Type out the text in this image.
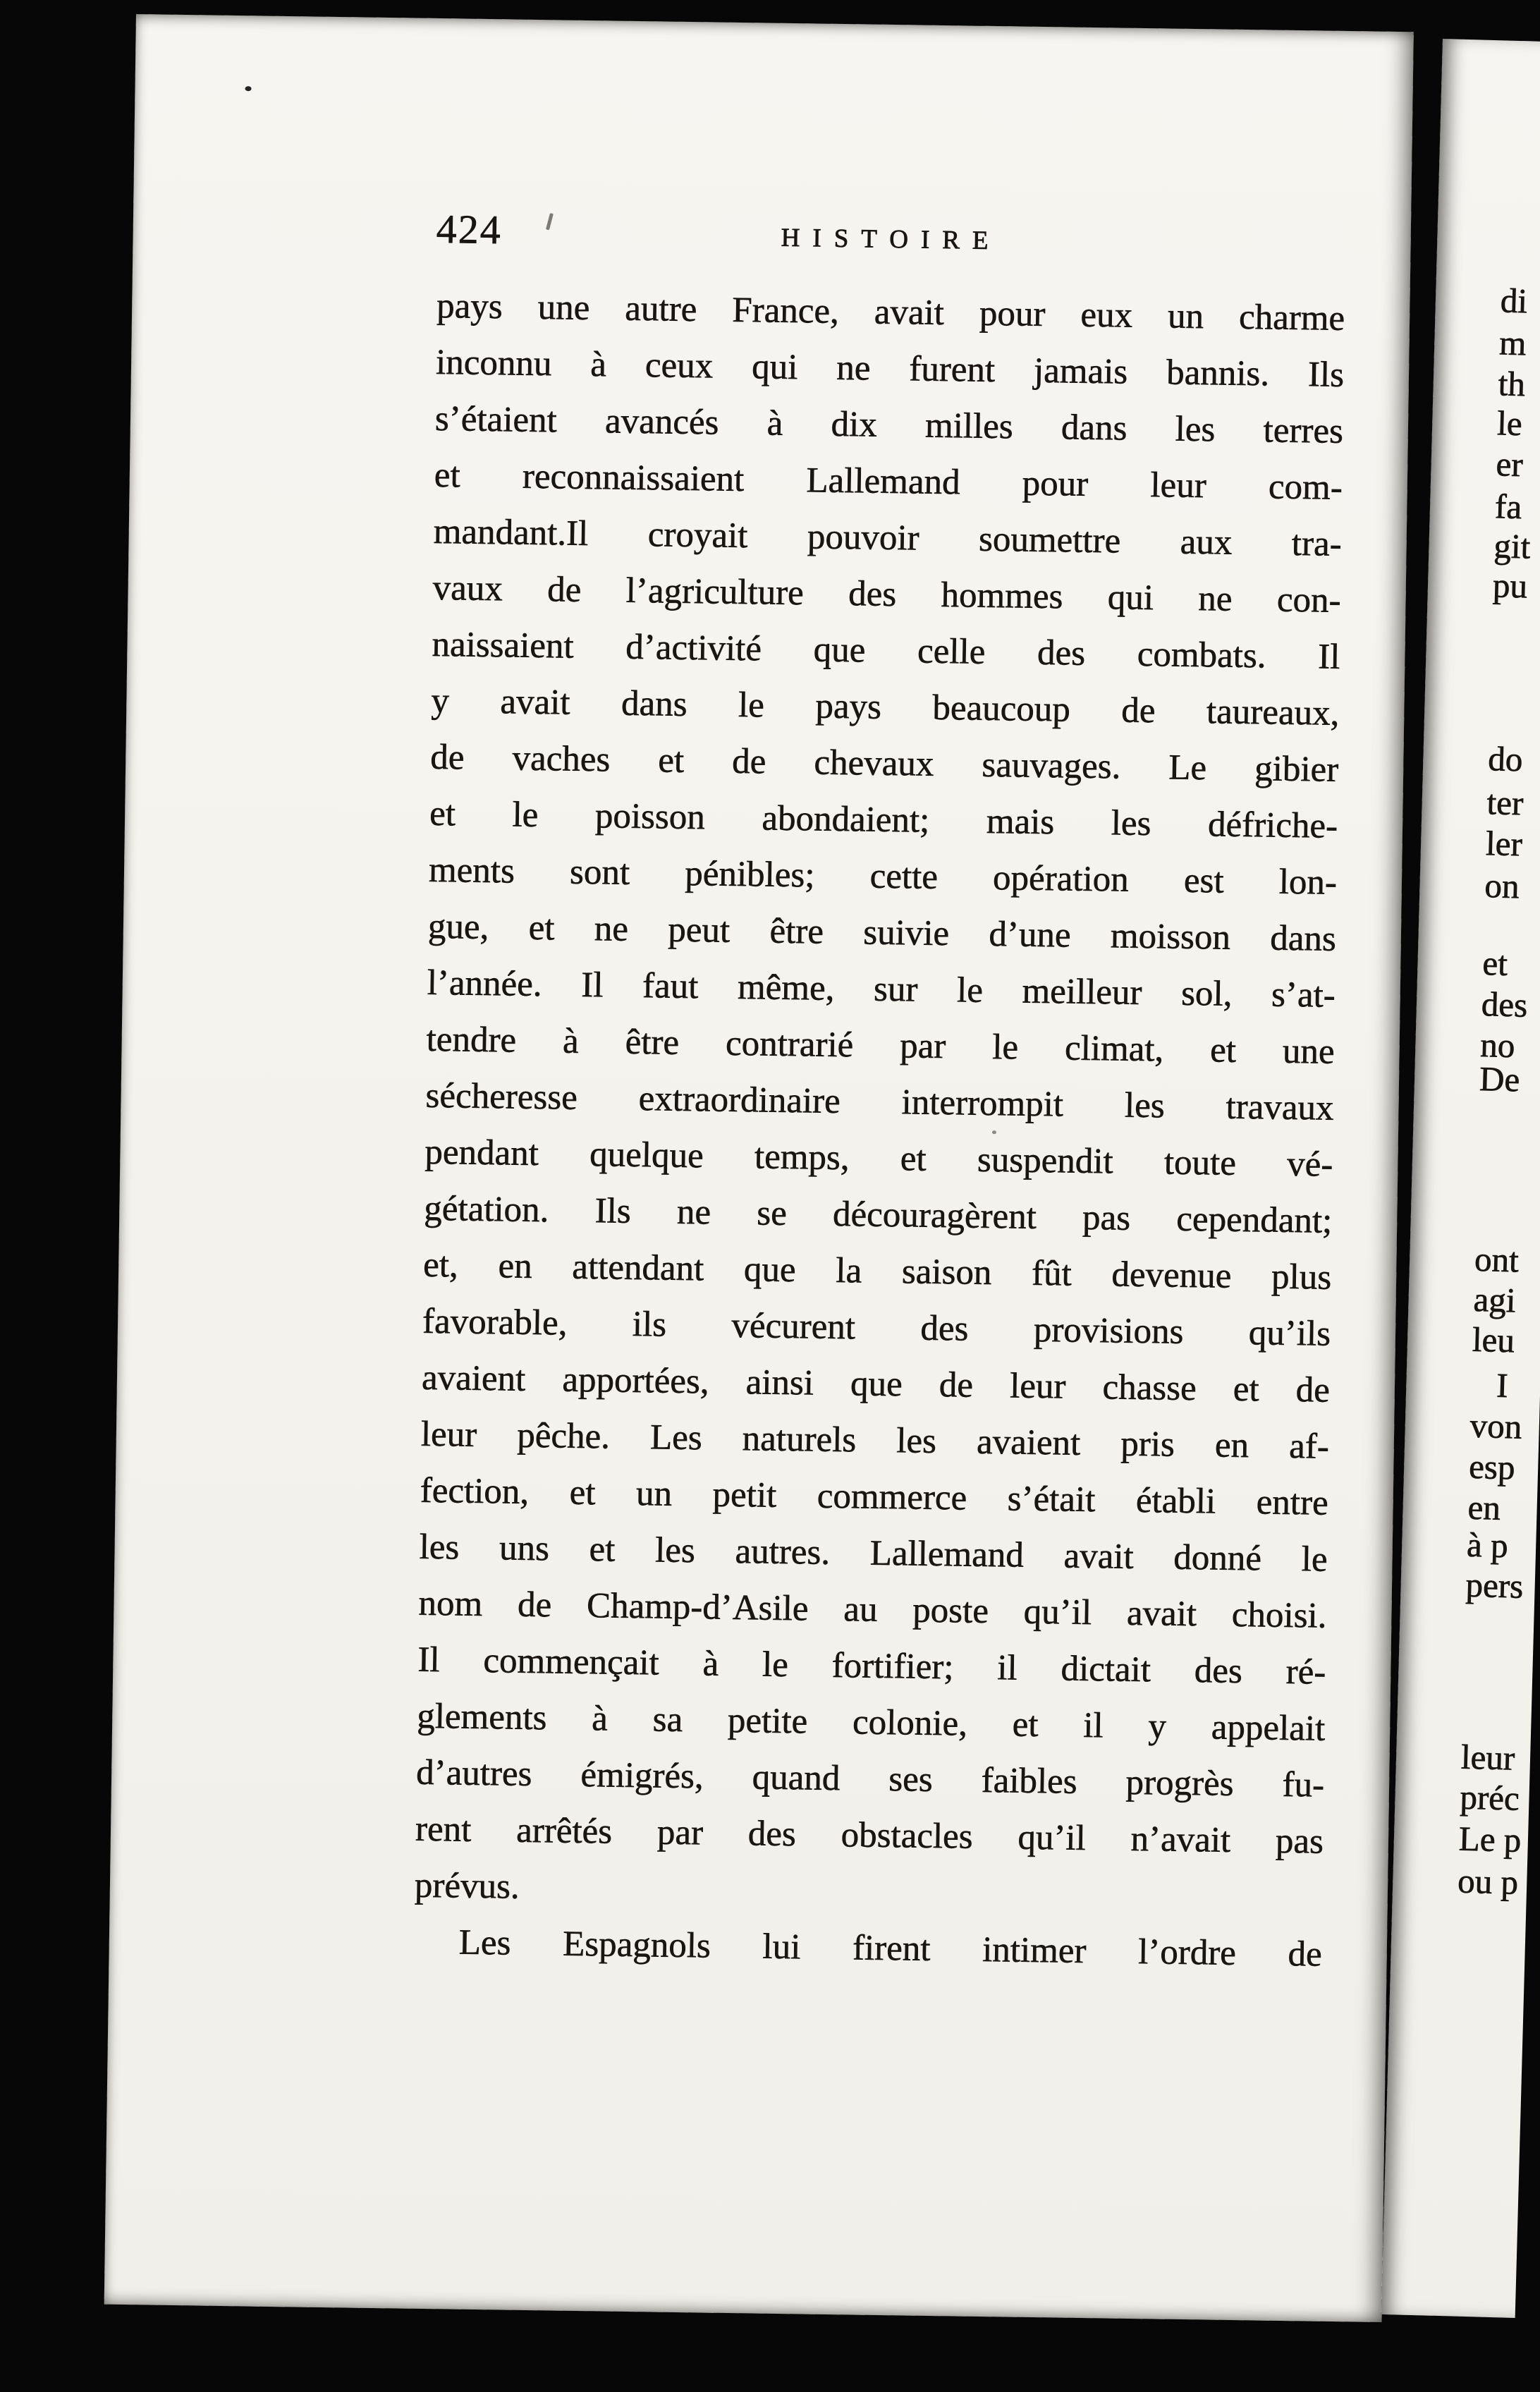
424	HISTOIRE
pays une autre France, avait pour eux un charme
inconnu à ceux qui ne furent jamais bannis. Ils
s’étaient avancés à dix milles dans les terres
et reconnaissaient Lallemand pour leur com-
mandant.Il croyait pouvoir soumettre aux tra-
vaux de l’agriculture des hommes qui ne con-
naissaient d’activité que celle des combats. Il
y avait dans le pays beaucoup de taureaux,
de vaches et de chevaux sauvages. Le gibier
et le poisson abondaient; mais les défriche-
ments sont pénibles; cette opération est lon-
gue, et ne peut être suivie d’une moisson dans
l’année. Il faut même, sur le meilleur sol, s’at-
tendre à être contrarié par le climat, et une
sécheresse extraordinaire interrompit les travaux
pendant quelque temps, et suspendit toute vé-
gétation. Ils ne se découragèrent pas cependant;
et, en attendant que la saison fût devenue plus
favorable, ils vécurent des provisions qu’ils
avaient apportées, ainsi que de leur chasse et de
leur pêche. Les naturels les avaient pris en af-
fection, et un petit commerce s’était établi entre
les uns et les autres. Lallemand avait donné le
nom de Champ-d’Asile au poste qu’il avait choisi.
Il commençait à le fortifier; il dictait des ré-
glements à sa petite colonie, et il y appelait
d’autres émigrés, quand ses faibles progrès fu-
rent arrêtés par des obstacles qu’il n’avait pas
prévus.
Les Espagnols lui firent intimer l’ordre de
di
m
th
le
er
fa
git
pu
do
ter
ler
on
et
des
no
De
ont
agi
leu
I
von
esp
en
à p
pers
leur
préc
Le p
ou p
